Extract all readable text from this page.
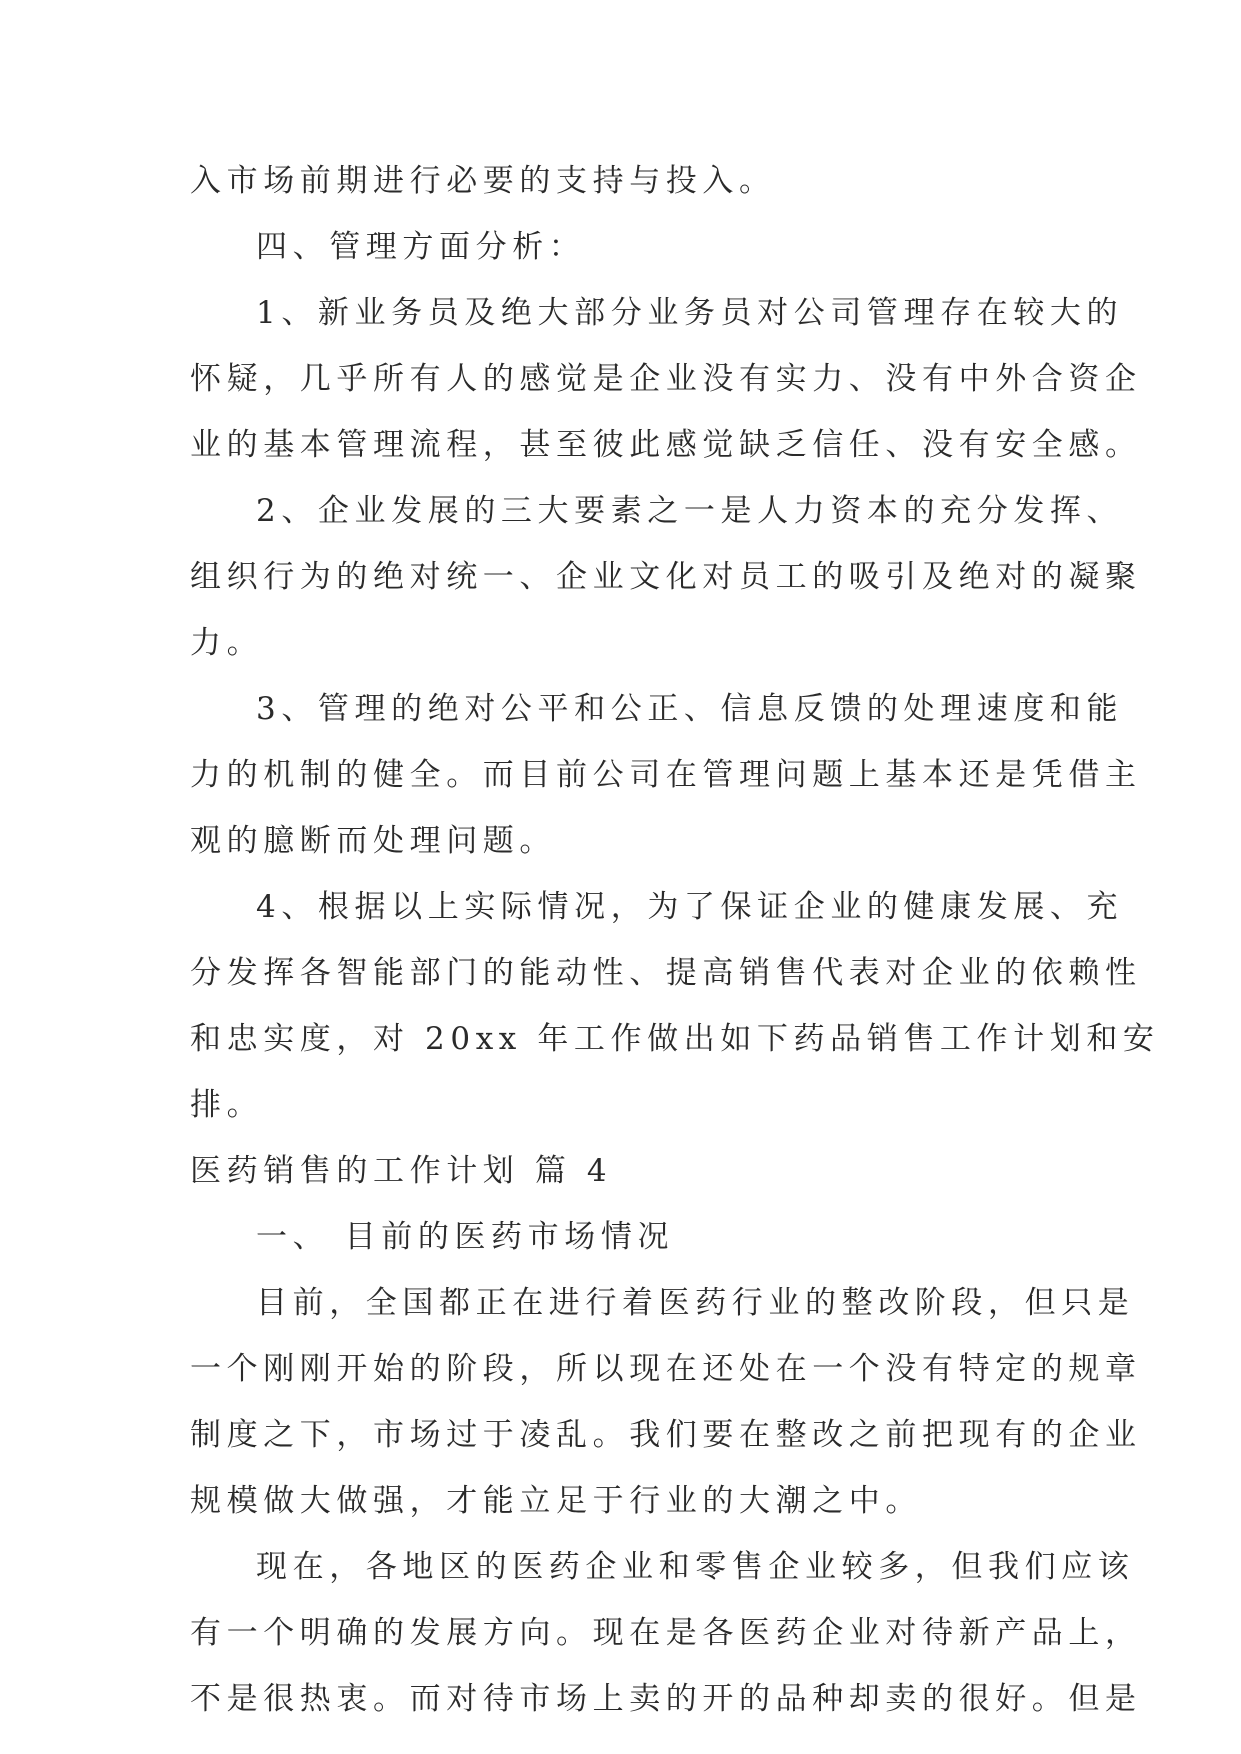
入市场前期进行必要的支持与投入。
四、管理方面分析：
1、新业务员及绝大部分业务员对公司管理存在较大的
怀疑，几乎所有人的感觉是企业没有实力、没有中外合资企
业的基本管理流程，甚至彼此感觉缺乏信任、没有安全感。
2、企业发展的三大要素之一是人力资本的充分发挥、
组织行为的绝对统一、企业文化对员工的吸引及绝对的凝聚
力。
3、管理的绝对公平和公正、信息反馈的处理速度和能
力的机制的健全。而目前公司在管理问题上基本还是凭借主
观的臆断而处理问题。
4、根据以上实际情况，为了保证企业的健康发展、充
分发挥各智能部门的能动性、提高销售代表对企业的依赖性
和忠实度，对 20xx 年工作做出如下药品销售工作计划和安
排。
医药销售的工作计划 篇 4
一、 目前的医药市场情况
目前，全国都正在进行着医药行业的整改阶段，但只是
一个刚刚开始的阶段，所以现在还处在一个没有特定的规章
制度之下，市场过于凌乱。我们要在整改之前把现有的企业
规模做大做强，才能立足于行业的大潮之中。
现在，各地区的医药企业和零售企业较多，但我们应该
有一个明确的发展方向。现在是各医药企业对待新产品上，
不是很热衷。而对待市场上卖的开的品种却卖的很好。但是
